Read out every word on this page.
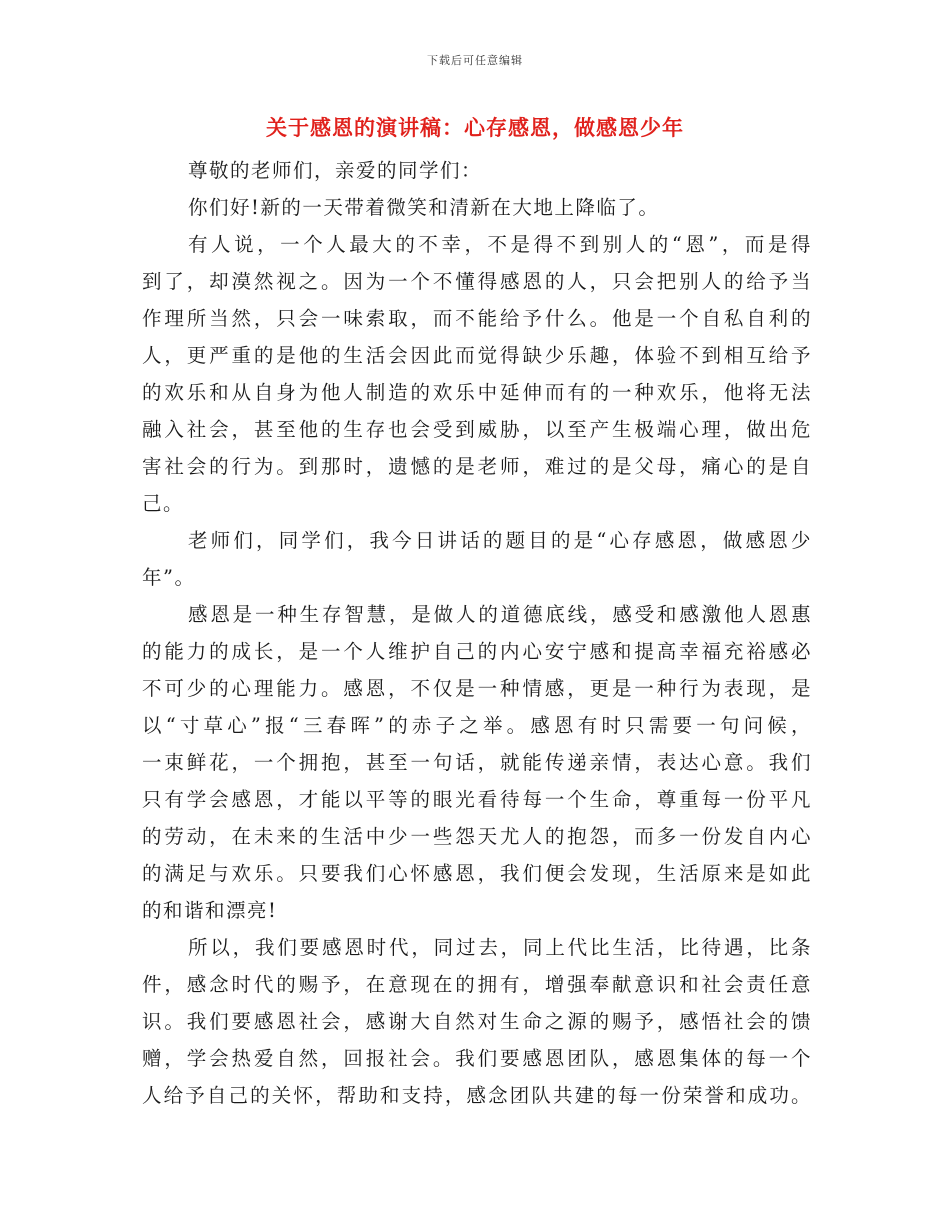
下载后可任意编辑
关于感恩的演讲稿：心存感恩，做感恩少年
尊敬的老师们，亲爱的同学们：
你们好!新的一天带着微笑和清新在大地上降临了。
有人说，一个人最大的不幸，不是得不到别人的“恩”，而是得
到了，却漠然视之。因为一个不懂得感恩的人，只会把别人的给予当
作理所当然，只会一味索取，而不能给予什么。他是一个自私自利的
人，更严重的是他的生活会因此而觉得缺少乐趣，体验不到相互给予
的欢乐和从自身为他人制造的欢乐中延伸而有的一种欢乐，他将无法
融入社会，甚至他的生存也会受到威胁，以至产生极端心理，做出危
害社会的行为。到那时，遗憾的是老师，难过的是父母，痛心的是自
己。
老师们，同学们，我今日讲话的题目的是“心存感恩，做感恩少
年”。
感恩是一种生存智慧，是做人的道德底线，感受和感激他人恩惠
的能力的成长，是一个人维护自己的内心安宁感和提高幸福充裕感必
不可少的心理能力。感恩，不仅是一种情感，更是一种行为表现，是
以“寸草心”报“三春晖”的赤子之举。感恩有时只需要一句问候，
一束鲜花，一个拥抱，甚至一句话，就能传递亲情，表达心意。我们
只有学会感恩，才能以平等的眼光看待每一个生命，尊重每一份平凡
的劳动，在未来的生活中少一些怨天尤人的抱怨，而多一份发自内心
的满足与欢乐。只要我们心怀感恩，我们便会发现，生活原来是如此
的和谐和漂亮!
所以，我们要感恩时代，同过去，同上代比生活，比待遇，比条
件，感念时代的赐予，在意现在的拥有，增强奉献意识和社会责任意
识。我们要感恩社会，感谢大自然对生命之源的赐予，感悟社会的馈
赠，学会热爱自然，回报社会。我们要感恩团队，感恩集体的每一个
人给予自己的关怀，帮助和支持，感念团队共建的每一份荣誉和成功。
